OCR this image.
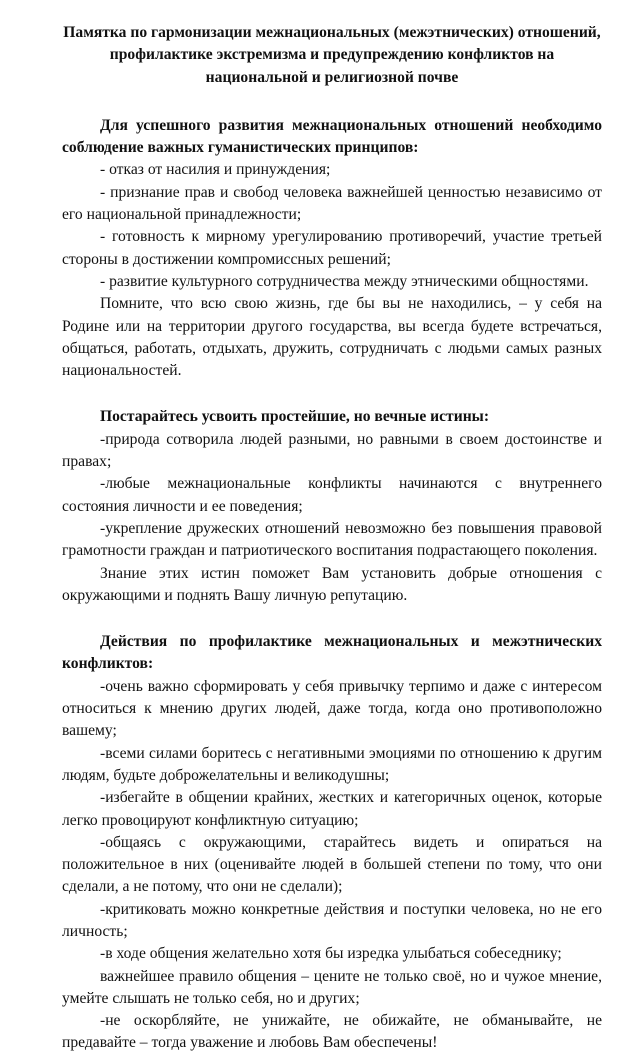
Памятка по гармонизации межнациональных (межэтнических) отношений, профилактике экстремизма и предупреждению конфликтов на национальной и религиозной почве

Для успешного развития межнациональных отношений необходимо соблюдение важных гуманистических принципов:

- отказ от насилия и принуждения;

- признание прав и свобод человека важнейшей ценностью независимо от его национальной принадлежности;

- готовность к мирному урегулированию противоречий, участие третьей стороны в достижении компромиссных решений;

- развитие культурного сотрудничества между этническими общностями.

Помните, что всю свою жизнь, где бы вы не находились, – у себя на Родине или на территории другого государства, вы всегда будете встречаться, общаться, работать, отдыхать, дружить, сотрудничать с людьми самых разных национальностей.

Постарайтесь усвоить простейшие, но вечные истины:

-природа сотворила людей разными, но равными в своем достоинстве и правах;

-любые межнациональные конфликты начинаются с внутреннего состояния личности и ее поведения;

-укрепление дружеских отношений невозможно без повышения правовой грамотности граждан и патриотического воспитания подрастающего поколения.

Знание этих истин поможет Вам установить добрые отношения с окружающими и поднять Вашу личную репутацию.

Действия по профилактике межнациональных и межэтнических конфликтов:

-очень важно сформировать у себя привычку терпимо и даже с интересом относиться к мнению других людей, даже тогда, когда оно противоположно вашему;

-всеми силами боритесь с негативными эмоциями по отношению к другим людям, будьте доброжелательны и великодушны;

-избегайте в общении крайних, жестких и категоричных оценок, которые легко провоцируют конфликтную ситуацию;

-общаясь с окружающими, старайтесь видеть и опираться на положительное в них (оценивайте людей в большей степени по тому, что они сделали, а не потому, что они не сделали);

-критиковать можно конкретные действия и поступки человека, но не его личность;

-в ходе общения желательно хотя бы изредка улыбаться собеседнику;

важнейшее правило общения – цените не только своё, но и чужое мнение, умейте слышать не только себя, но и других;

-не оскорбляйте, не унижайте, не обижайте, не обманывайте, не предавайте – тогда уважение и любовь Вам обеспечены!
